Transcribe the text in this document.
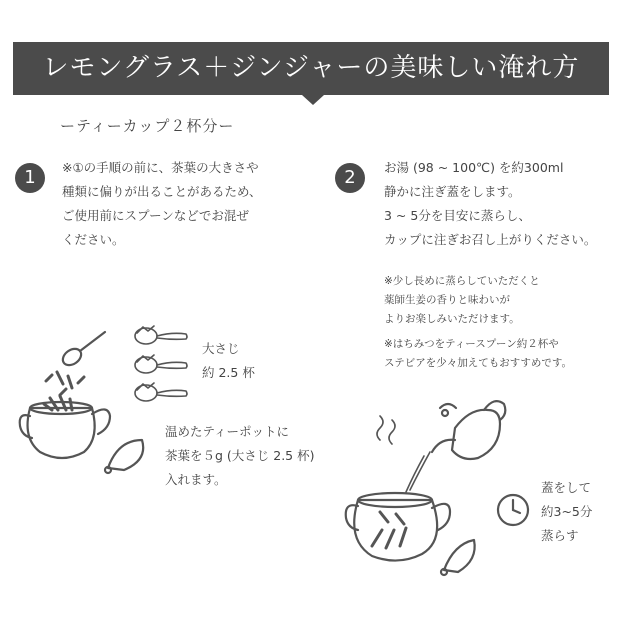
レモングラス＋ジンジャーの美味しい淹れ方
ーティーカップ２杯分ー
1	※①の手順の前に、茶葉の大きさや
種類に偏りが出ることがあるため、
ご使用前にスプーンなどでお混ぜ
ください。
大さじ
約 2.5 杯
温めたティーポットに
茶葉を５g (大さじ 2.5 杯)
入れます。
2	お湯 (98 ~ 100℃) を約300ml
静かに注ぎ蓋をします。
3 ~ 5分を目安に蒸らし、
カップに注ぎお召し上がりください。
※少し長めに蒸らしていただくと
薬師生姜の香りと味わいが
よりお楽しみいただけます。
※はちみつをティースプーン約２杯や
ステビアを少々加えてもおすすめです。
蓋をして
約3~5分
蒸らす
